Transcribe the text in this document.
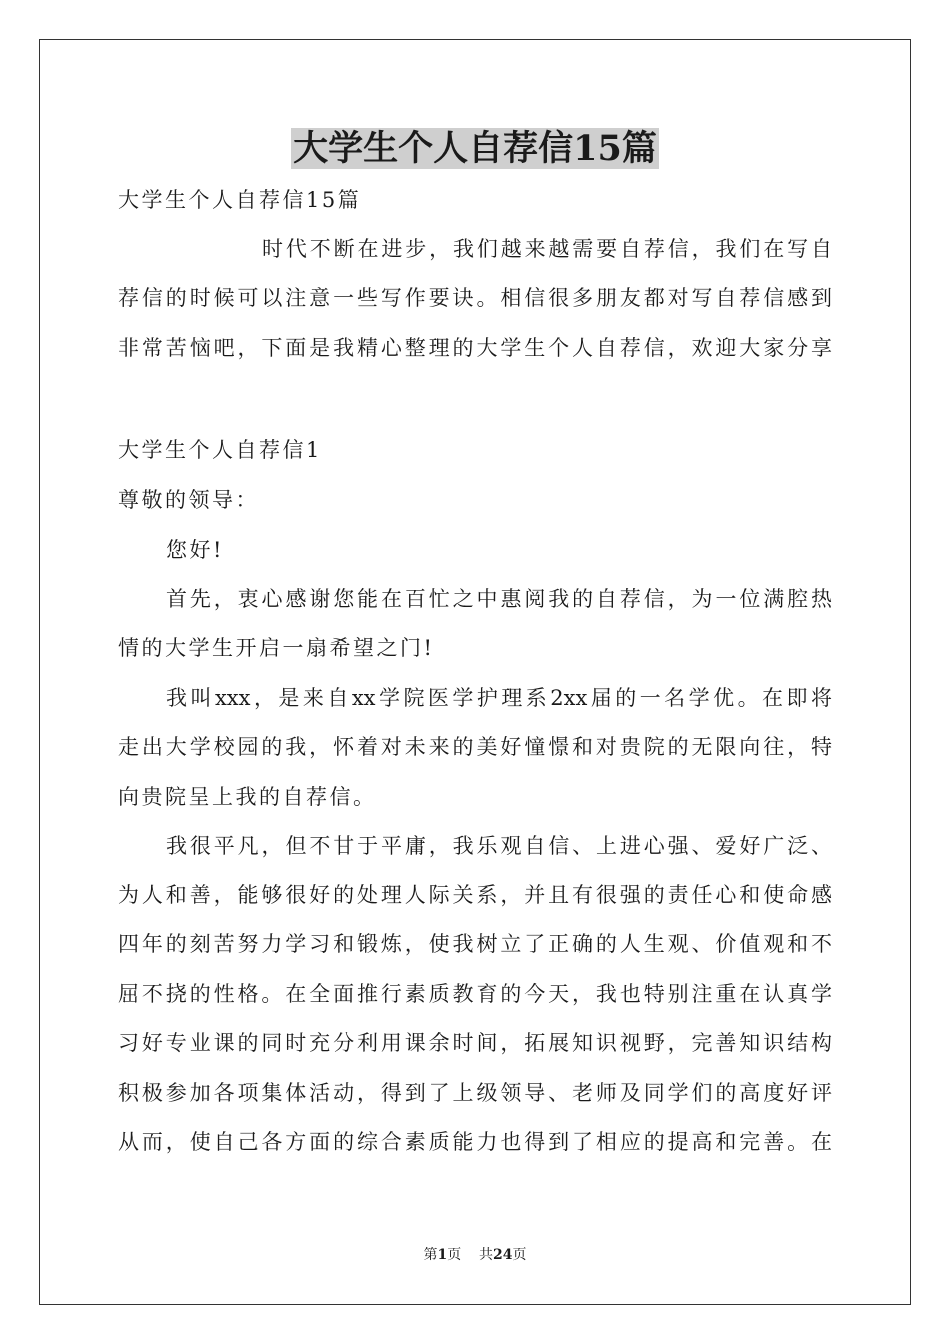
大学生个人自荐信15篇
大学生个人自荐信15篇
时代不断在进步，我们越来越需要自荐信，我们在写自
荐信的时候可以注意一些写作要诀。相信很多朋友都对写自荐信感到
非常苦恼吧，下面是我精心整理的大学生个人自荐信，欢迎大家分享
大学生个人自荐信1
尊敬的领导：
您好!
首先，衷心感谢您能在百忙之中惠阅我的自荐信，为一位满腔热
情的大学生开启一扇希望之门!
我叫xxx，是来自xx学院医学护理系2xx届的一名学优。在即将
走出大学校园的我，怀着对未来的美好憧憬和对贵院的无限向往，特
向贵院呈上我的自荐信。
我很平凡，但不甘于平庸，我乐观自信、上进心强、爱好广泛、
为人和善，能够很好的处理人际关系，并且有很强的责任心和使命感
四年的刻苦努力学习和锻炼，使我树立了正确的人生观、价值观和不
屈不挠的性格。在全面推行素质教育的今天，我也特别注重在认真学
习好专业课的同时充分利用课余时间，拓展知识视野，完善知识结构
积极参加各项集体活动，得到了上级领导、老师及同学们的高度好评
从而，使自己各方面的综合素质能力也得到了相应的提高和完善。在
第1页 共24页
